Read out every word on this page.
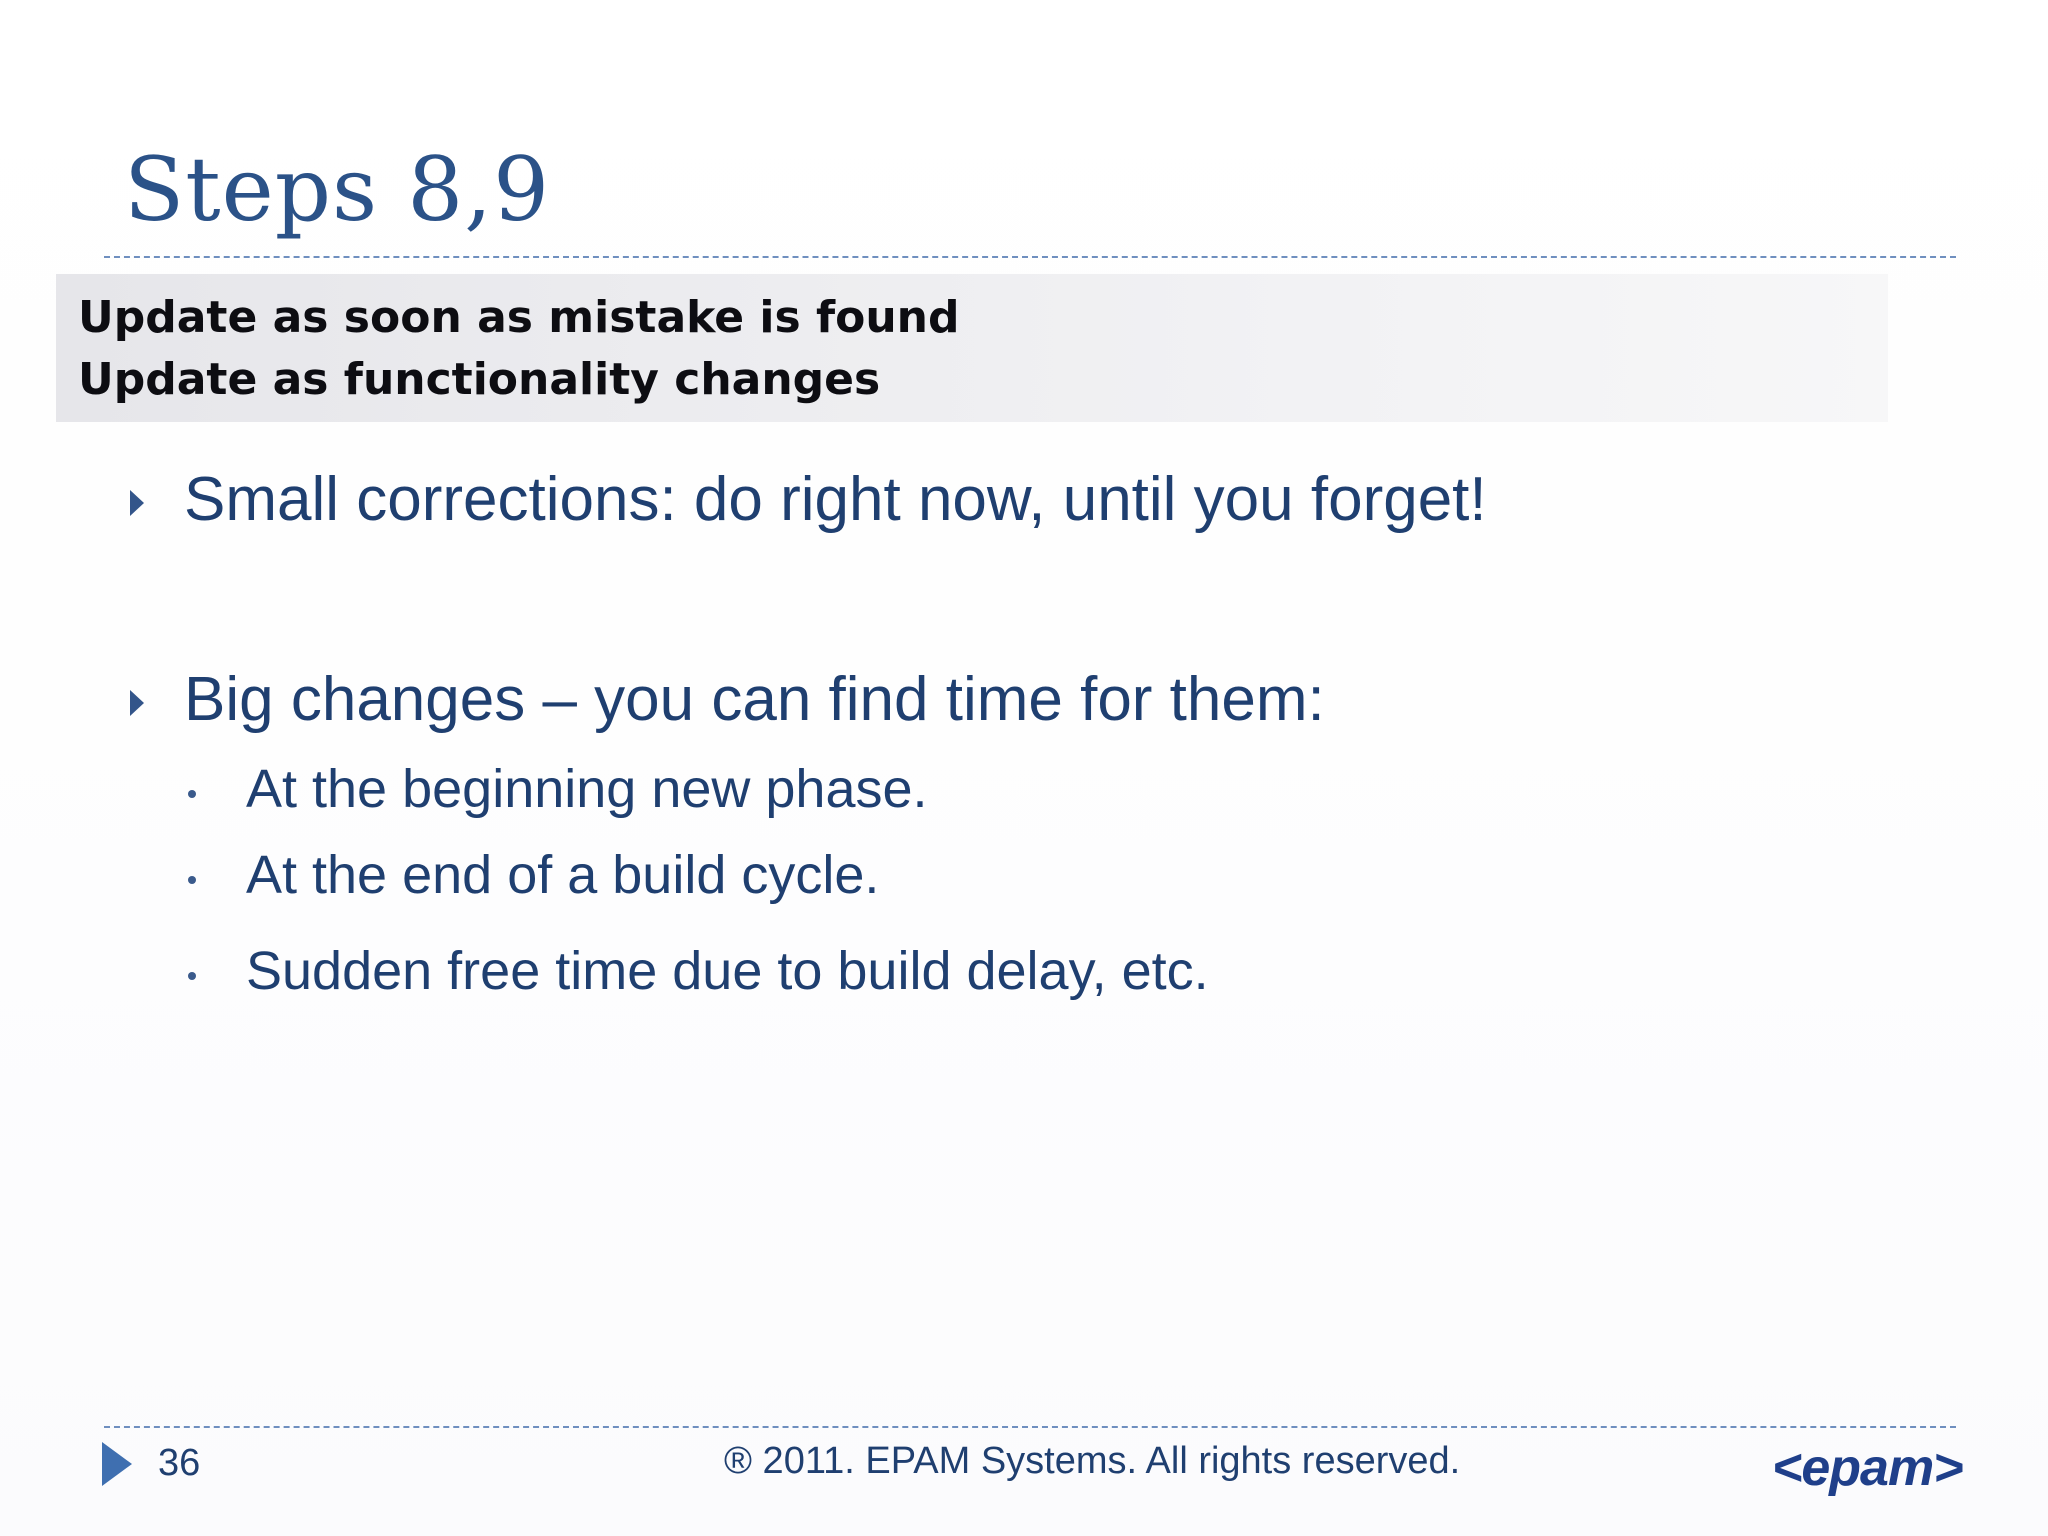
Steps 8,9
Update as soon as mistake is found
Update as functionality changes
Small corrections: do right now, until you forget!
Big changes – you can find time for them:
At the beginning new phase.
At the end of a build cycle.
Sudden free time due to build delay, etc.
36	® 2011. EPAM Systems. All rights reserved.	<epam>
